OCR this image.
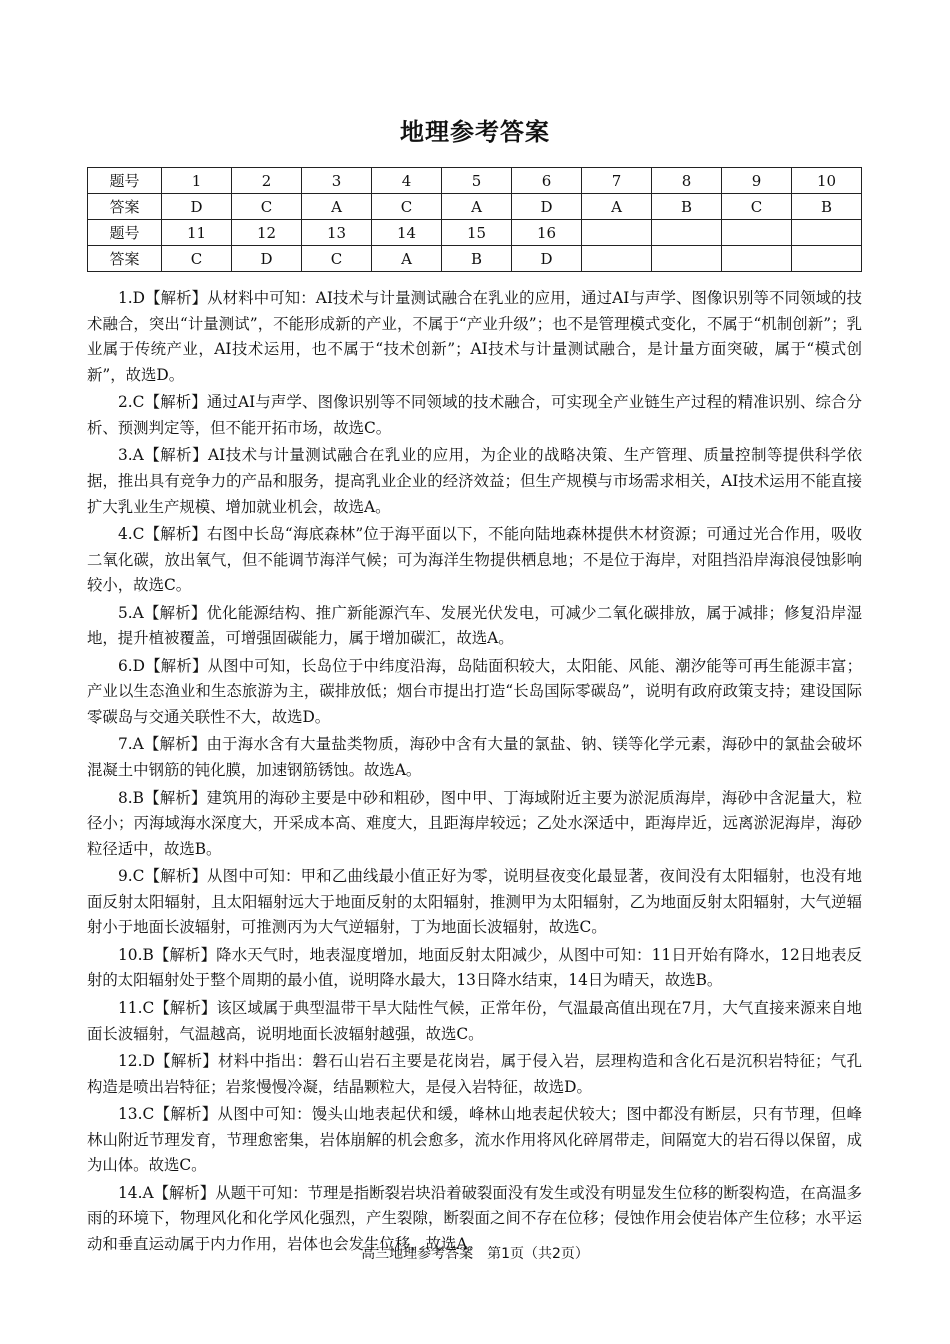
地理参考答案
题号	1	2	3	4	5	6	7	8	9	10
答案	D	C	A	C	A	D	A	B	C	B
题号	11	12	13	14	15	16				
答案	C	D	C	A	B	D				

1.D【解析】从材料中可知：AI技术与计量测试融合在乳业的应用，通过AI与声学、图像识别等不同领域的技术融合，突出“计量测试”，不能形成新的产业，不属于“产业升级”；也不是管理模式变化，不属于“机制创新”；乳业属于传统产业，AI技术运用，也不属于“技术创新”；AI技术与计量测试融合，是计量方面突破，属于“模式创新”，故选D。

2.C【解析】通过AI与声学、图像识别等不同领域的技术融合，可实现全产业链生产过程的精准识别、综合分析、预测判定等，但不能开拓市场，故选C。

3.A【解析】AI技术与计量测试融合在乳业的应用，为企业的战略决策、生产管理、质量控制等提供科学依据，推出具有竞争力的产品和服务，提高乳业企业的经济效益；但生产规模与市场需求相关，AI技术运用不能直接扩大乳业生产规模、增加就业机会，故选A。

4.C【解析】右图中长岛“海底森林”位于海平面以下，不能向陆地森林提供木材资源；可通过光合作用，吸收二氧化碳，放出氧气，但不能调节海洋气候；可为海洋生物提供栖息地；不是位于海岸，对阻挡沿岸海浪侵蚀影响较小，故选C。

5.A【解析】优化能源结构、推广新能源汽车、发展光伏发电，可减少二氧化碳排放，属于减排；修复沿岸湿地，提升植被覆盖，可增强固碳能力，属于增加碳汇，故选A。

6.D【解析】从图中可知，长岛位于中纬度沿海，岛陆面积较大，太阳能、风能、潮汐能等可再生能源丰富；产业以生态渔业和生态旅游为主，碳排放低；烟台市提出打造“长岛国际零碳岛”，说明有政府政策支持；建设国际零碳岛与交通关联性不大，故选D。

7.A【解析】由于海水含有大量盐类物质，海砂中含有大量的氯盐、钠、镁等化学元素，海砂中的氯盐会破坏混凝土中钢筋的钝化膜，加速钢筋锈蚀。故选A。

8.B【解析】建筑用的海砂主要是中砂和粗砂，图中甲、丁海域附近主要为淤泥质海岸，海砂中含泥量大，粒径小；丙海域海水深度大，开采成本高、难度大，且距海岸较远；乙处水深适中，距海岸近，远离淤泥海岸，海砂粒径适中，故选B。

9.C【解析】从图中可知：甲和乙曲线最小值正好为零，说明昼夜变化最显著，夜间没有太阳辐射，也没有地面反射太阳辐射，且太阳辐射远大于地面反射的太阳辐射，推测甲为太阳辐射，乙为地面反射太阳辐射，大气逆辐射小于地面长波辐射，可推测丙为大气逆辐射，丁为地面长波辐射，故选C。

10.B【解析】降水天气时，地表湿度增加，地面反射太阳减少，从图中可知：11日开始有降水，12日地表反射的太阳辐射处于整个周期的最小值，说明降水最大，13日降水结束，14日为晴天，故选B。

11.C【解析】该区域属于典型温带干旱大陆性气候，正常年份，气温最高值出现在7月，大气直接来源来自地面长波辐射，气温越高，说明地面长波辐射越强，故选C。

12.D【解析】材料中指出：磐石山岩石主要是花岗岩，属于侵入岩，层理构造和含化石是沉积岩特征；气孔构造是喷出岩特征；岩浆慢慢冷凝，结晶颗粒大，是侵入岩特征，故选D。

13.C【解析】从图中可知：馒头山地表起伏和缓，峰林山地表起伏较大；图中都没有断层，只有节理，但峰林山附近节理发育，节理愈密集，岩体崩解的机会愈多，流水作用将风化碎屑带走，间隔宽大的岩石得以保留，成为山体。故选C。

14.A【解析】从题干可知：节理是指断裂岩块沿着破裂面没有发生或没有明显发生位移的断裂构造，在高温多雨的环境下，物理风化和化学风化强烈，产生裂隙，断裂面之间不存在位移；侵蚀作用会使岩体产生位移；水平运动和垂直运动属于内力作用，岩体也会发生位移，故选A。

高三地理参考答案　第1页（共2页）
